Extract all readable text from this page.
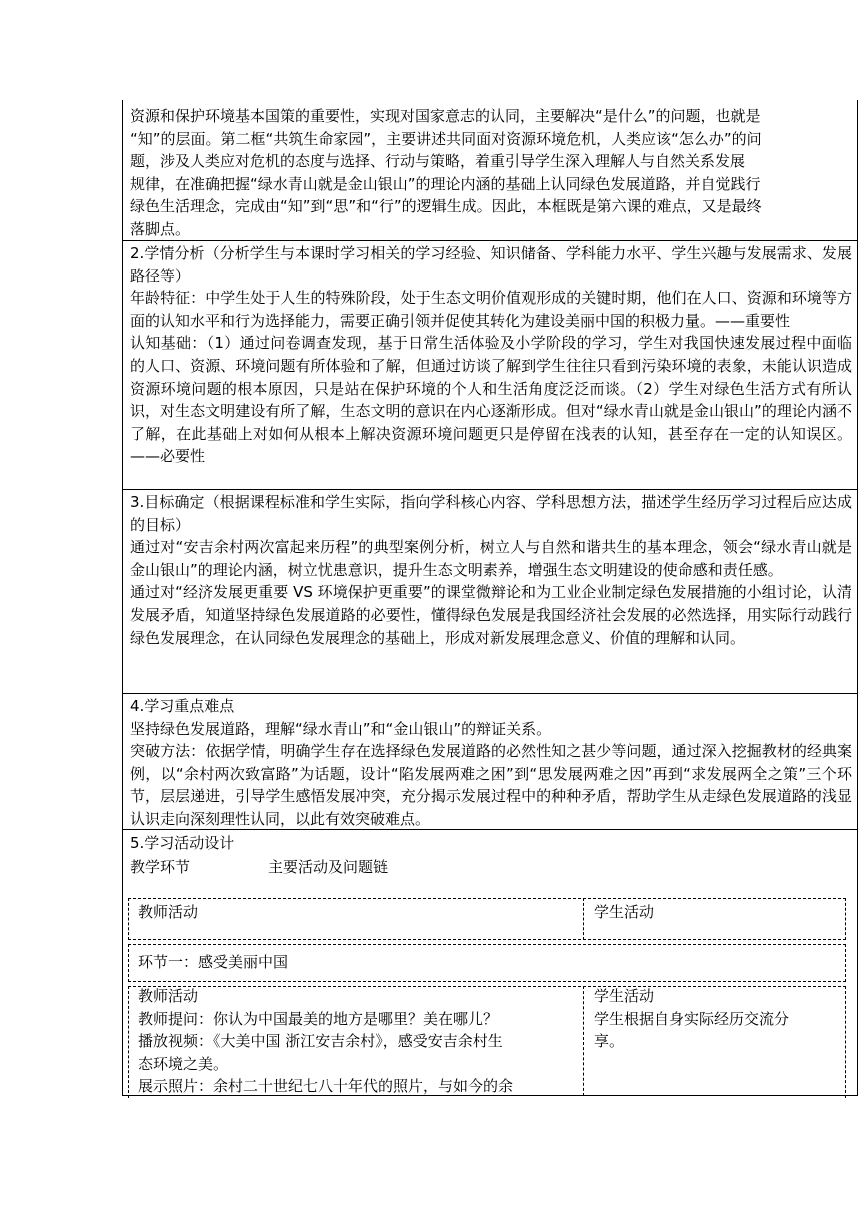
资源和保护环境基本国策的重要性，实现对国家意志的认同，主要解决“是什么”的问题，也就是

“知”的层面。第二框“共筑生命家园”，主要讲述共同面对资源环境危机，人类应该“怎么办”的问

题，涉及人类应对危机的态度与选择、行动与策略，着重引导学生深入理解人与自然关系发展

规律，在准确把握“绿水青山就是金山银山”的理论内涵的基础上认同绿色发展道路，并自觉践行

绿色生活理念，完成由“知”到“思”和“行”的逻辑生成。因此，本框既是第六课的难点，又是最终

落脚点。

2.学情分析（分析学生与本课时学习相关的学习经验、知识储备、学科能力水平、学生兴趣与发展需求、发展路径等）

年龄特征：中学生处于人生的特殊阶段，处于生态文明价值观形成的关键时期，他们在人口、资源和环境等方面的认知水平和行为选择能力，需要正确引领并促使其转化为建设美丽中国的积极力量。——重要性

认知基础：（1）通过问卷调查发现，基于日常生活体验及小学阶段的学习，学生对我国快速发展过程中面临的人口、资源、环境问题有所体验和了解，但通过访谈了解到学生往往只看到污染环境的表象，未能认识造成资源环境问题的根本原因，只是站在保护环境的个人和生活角度泛泛而谈。（2）学生对绿色生活方式有所认识，对生态文明建设有所了解，生态文明的意识在内心逐渐形成。但对“绿水青山就是金山银山”的理论内涵不了解，在此基础上对如何从根本上解决资源环境问题更只是停留在浅表的认知，甚至存在一定的认知误区。——必要性

3.目标确定（根据课程标准和学生实际，指向学科核心内容、学科思想方法，描述学生经历学习过程后应达成的目标）

通过对“安吉余村两次富起来历程”的典型案例分析，树立人与自然和谐共生的基本理念，领会“绿水青山就是金山银山”的理论内涵，树立忧患意识，提升生态文明素养，增强生态文明建设的使命感和责任感。

通过对“经济发展更重要 VS 环境保护更重要”的课堂微辩论和为工业企业制定绿色发展措施的小组讨论，认清发展矛盾，知道坚持绿色发展道路的必要性，懂得绿色发展是我国经济社会发展的必然选择，用实际行动践行绿色发展理念，在认同绿色发展理念的基础上，形成对新发展理念意义、价值的理解和认同。

4.学习重点难点

坚持绿色发展道路，理解“绿水青山”和“金山银山”的辩证关系。

突破方法：依据学情，明确学生存在选择绿色发展道路的必然性知之甚少等问题，通过深入挖掘教材的经典案例，以“余村两次致富路”为话题，设计“陷发展两难之困”到“思发展两难之因”再到“求发展两全之策”三个环节，层层递进，引导学生感悟发展冲突，充分揭示发展过程中的种种矛盾，帮助学生从走绿色发展道路的浅显认识走向深刻理性认同，以此有效突破难点。

5.学习活动设计

教学环节	主要活动及问题链
教师活动	学生活动
环节一：感受美丽中国
教师活动
教师提问：你认为中国最美的地方是哪里？美在哪儿？
播放视频：《大美中国 浙江安吉余村》，感受安吉余村生
态环境之美。
展示照片：余村二十世纪七八十年代的照片，与如今的余
学生活动
学生根据自身实际经历交流分
享。
